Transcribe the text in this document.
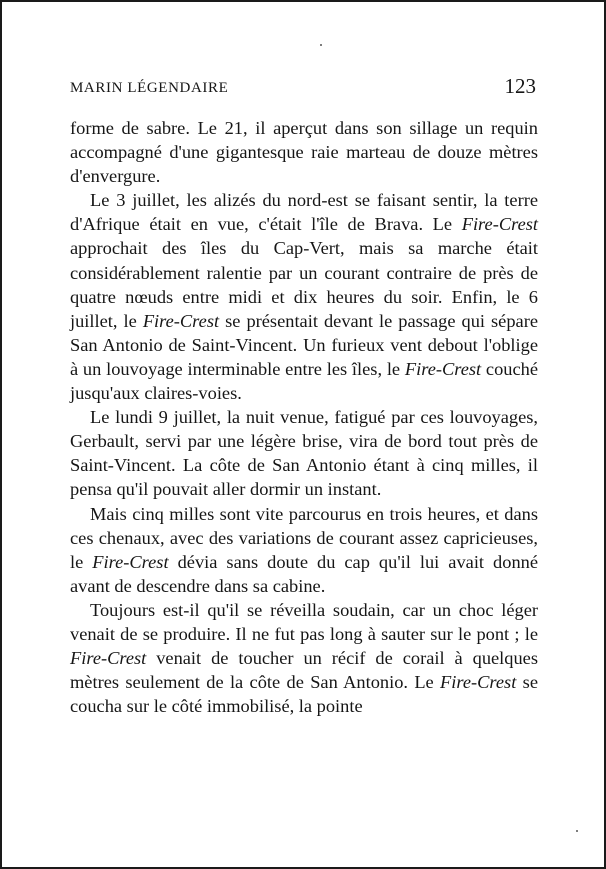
MARIN LÉGENDAIRE	123

forme de sabre. Le 21, il aperçut dans son sillage un requin accompagné d'une gigantesque raie marteau de douze mètres d'envergure.

Le 3 juillet, les alizés du nord-est se faisant sentir, la terre d'Afrique était en vue, c'était l'île de Brava. Le Fire-Crest approchait des îles du Cap-Vert, mais sa marche était considérablement ralentie par un courant contraire de près de quatre nœuds entre midi et dix heures du soir. Enfin, le 6 juillet, le Fire-Crest se présentait devant le passage qui sépare San Antonio de Saint-Vincent. Un furieux vent debout l'oblige à un louvoyage interminable entre les îles, le Fire-Crest couché jusqu'aux claires-voies.

Le lundi 9 juillet, la nuit venue, fatigué par ces louvoyages, Gerbault, servi par une légère brise, vira de bord tout près de Saint-Vincent. La côte de San Antonio étant à cinq milles, il pensa qu'il pouvait aller dormir un instant.

Mais cinq milles sont vite parcourus en trois heures, et dans ces chenaux, avec des variations de courant assez capricieuses, le Fire-Crest dévia sans doute du cap qu'il lui avait donné avant de descendre dans sa cabine.

Toujours est-il qu'il se réveilla soudain, car un choc léger venait de se produire. Il ne fut pas long à sauter sur le pont ; le Fire-Crest venait de toucher un récif de corail à quelques mètres seulement de la côte de San Antonio. Le Fire-Crest se coucha sur le côté immobilisé, la pointe
